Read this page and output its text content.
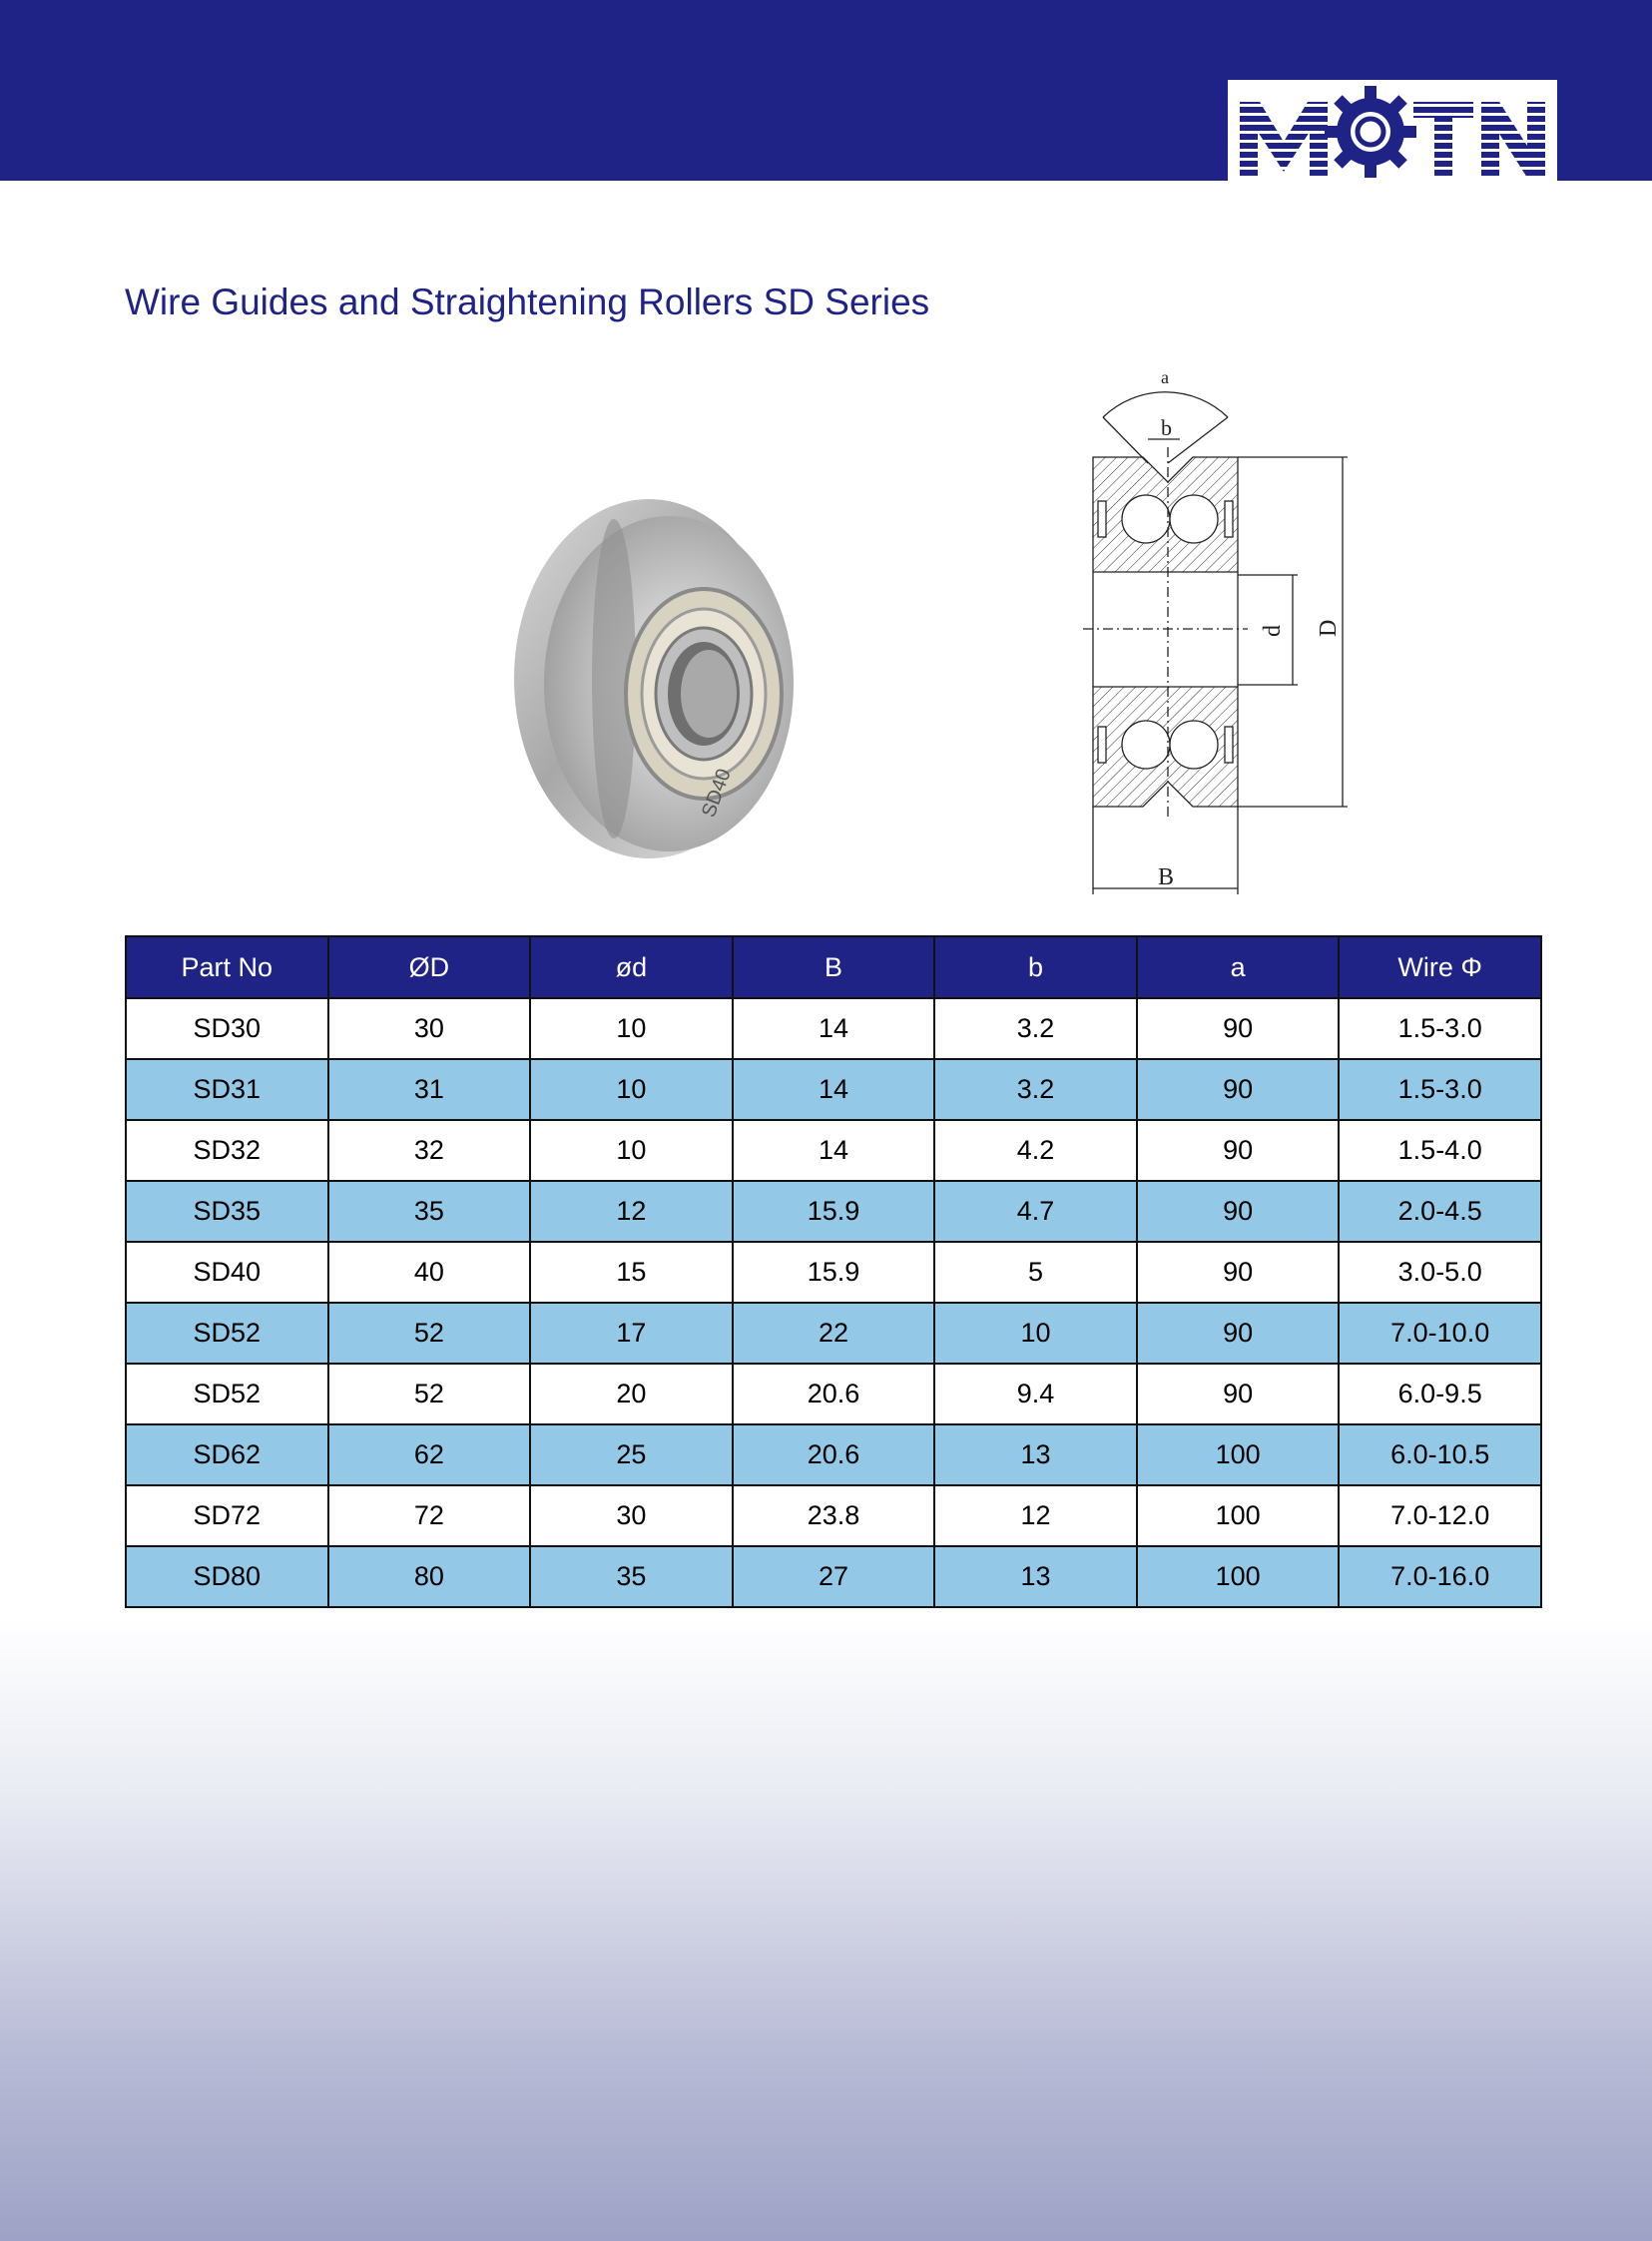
Wire Guides and Straightening Rollers SD Series
SD40
a
b
d D
B
Part No	ØD	ød	B	b	a	Wire Φ
SD30	30	10	14	3.2	90	1.5-3.0
SD31	31	10	14	3.2	90	1.5-3.0
SD32	32	10	14	4.2	90	1.5-4.0
SD35	35	12	15.9	4.7	90	2.0-4.5
SD40	40	15	15.9	5	90	3.0-5.0
SD52	52	17	22	10	90	7.0-10.0
SD52	52	20	20.6	9.4	90	6.0-9.5
SD62	62	25	20.6	13	100	6.0-10.5
SD72	72	30	23.8	12	100	7.0-12.0
SD80	80	35	27	13	100	7.0-16.0
